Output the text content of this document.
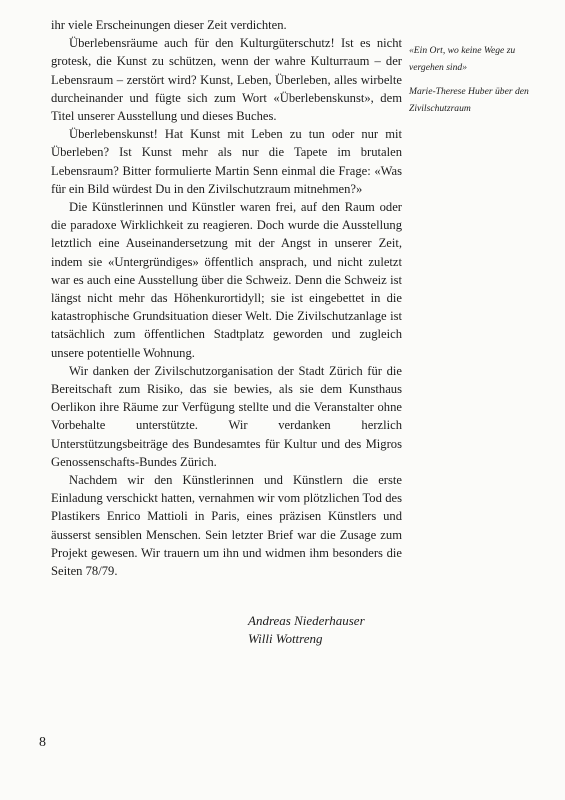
ihr viele Erscheinungen dieser Zeit verdichten.

Überlebensräume auch für den Kulturgüterschutz! Ist es nicht grotesk, die Kunst zu schützen, wenn der wahre Kulturraum – der Lebensraum – zerstört wird? Kunst, Leben, Überleben, alles wirbelte durcheinander und fügte sich zum Wort «Überlebenskunst», dem Titel unserer Ausstellung und dieses Buches.

Überlebenskunst! Hat Kunst mit Leben zu tun oder nur mit Überleben? Ist Kunst mehr als nur die Tapete im brutalen Lebensraum? Bitter formulierte Martin Senn einmal die Frage: «Was für ein Bild würdest Du in den Zivilschutzraum mitnehmen?»

Die Künstlerinnen und Künstler waren frei, auf den Raum oder die paradoxe Wirklichkeit zu reagieren. Doch wurde die Ausstellung letztlich eine Auseinandersetzung mit der Angst in unserer Zeit, indem sie «Untergründiges» öffentlich ansprach, und nicht zuletzt war es auch eine Ausstellung über die Schweiz. Denn die Schweiz ist längst nicht mehr das Höhenkurortidyll; sie ist eingebettet in die katastrophische Grundsituation dieser Welt. Die Zivilschutzanlage ist tatsächlich zum öffentlichen Stadtplatz geworden und zugleich unsere potentielle Wohnung.

Wir danken der Zivilschutzorganisation der Stadt Zürich für die Bereitschaft zum Risiko, das sie bewies, als sie dem Kunsthaus Oerlikon ihre Räume zur Verfügung stellte und die Veranstalter ohne Vorbehalte unterstützte. Wir verdanken herzlich Unterstützungsbeiträge des Bundesamtes für Kultur und des Migros Genossenschafts-Bundes Zürich.

Nachdem wir den Künstlerinnen und Künstlern die erste Einladung verschickt hatten, vernahmen wir vom plötzlichen Tod des Plastikers Enrico Mattioli in Paris, eines präzisen Künstlers und äusserst sensiblen Menschen. Sein letzter Brief war die Zusage zum Projekt gewesen. Wir trauern um ihn und widmen ihm besonders die Seiten 78/79.

«Ein Ort, wo keine Wege zu vergehen sind»
Marie-Therese Huber über den Zivilschutzraum
Andreas Niederhauser
Willi Wottreng
8
